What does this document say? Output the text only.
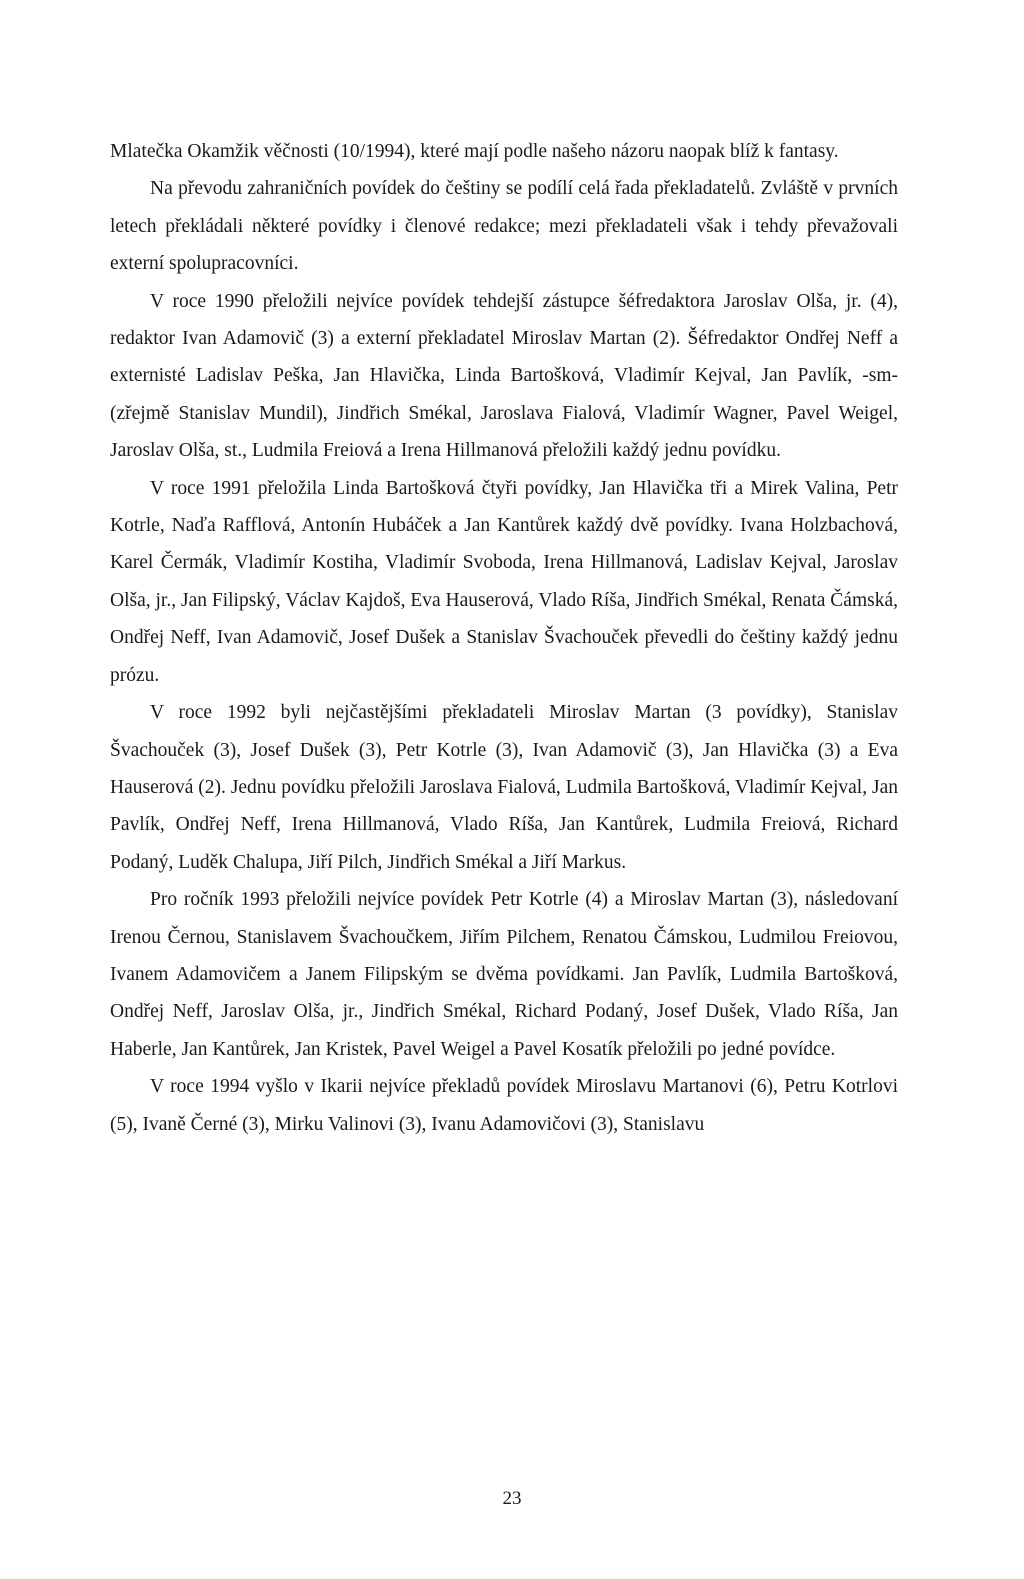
Mlatečka Okamžik věčnosti (10/1994), které mají podle našeho názoru naopak blíž k fantasy.

Na převodu zahraničních povídek do češtiny se podílí celá řada překladatelů. Zvláště v prvních letech překládali některé povídky i členové redakce; mezi překladateli však i tehdy převažovali externí spolupracovníci.

V roce 1990 přeložili nejvíce povídek tehdejší zástupce šéfredaktora Jaroslav Olša, jr. (4), redaktor Ivan Adamovič (3) a externí překladatel Miroslav Martan (2). Šéfredaktor Ondřej Neff a externisté Ladislav Peška, Jan Hlavička, Linda Bartošková, Vladimír Kejval, Jan Pavlík, -sm- (zřejmě Stanislav Mundil), Jindřich Smékal, Jaroslava Fialová, Vladimír Wagner, Pavel Weigel, Jaroslav Olša, st., Ludmila Freiová a Irena Hillmanová přeložili každý jednu povídku.

V roce 1991 přeložila Linda Bartošková čtyři povídky, Jan Hlavička tři a Mirek Valina, Petr Kotrle, Naďa Rafflová, Antonín Hubáček a Jan Kantůrek každý dvě povídky. Ivana Holzbachová, Karel Čermák, Vladimír Kostiha, Vladimír Svoboda, Irena Hillmanová, Ladislav Kejval, Jaroslav Olša, jr., Jan Filipský, Václav Kajdoš, Eva Hauserová, Vlado Ríša, Jindřich Smékal, Renata Čámská, Ondřej Neff, Ivan Adamovič, Josef Dušek a Stanislav Švachouček převedli do češtiny každý jednu prózu.

V roce 1992 byli nejčastějšími překladateli Miroslav Martan (3 povídky), Stanislav Švachouček (3), Josef Dušek (3), Petr Kotrle (3), Ivan Adamovič (3), Jan Hlavička (3) a Eva Hauserová (2). Jednu povídku přeložili Jaroslava Fialová, Ludmila Bartošková, Vladimír Kejval, Jan Pavlík, Ondřej Neff, Irena Hillmanová, Vlado Ríša, Jan Kantůrek, Ludmila Freiová, Richard Podaný, Luděk Chalupa, Jiří Pilch, Jindřich Smékal a Jiří Markus.

Pro ročník 1993 přeložili nejvíce povídek Petr Kotrle (4) a Miroslav Martan (3), následovaní Irenou Černou, Stanislavem Švachoučkem, Jiřím Pilchem, Renatou Čámskou, Ludmilou Freiovou, Ivanem Adamovičem a Janem Filipským se dvěma povídkami. Jan Pavlík, Ludmila Bartošková, Ondřej Neff, Jaroslav Olša, jr., Jindřich Smékal, Richard Podaný, Josef Dušek, Vlado Ríša, Jan Haberle, Jan Kantůrek, Jan Kristek, Pavel Weigel a Pavel Kosatík přeložili po jedné povídce.

V roce 1994 vyšlo v Ikarii nejvíce překladů povídek Miroslavu Martanovi (6), Petru Kotrlovi (5), Ivaně Černé (3), Mirku Valinovi (3), Ivanu Adamovičovi (3), Stanislavu

23
